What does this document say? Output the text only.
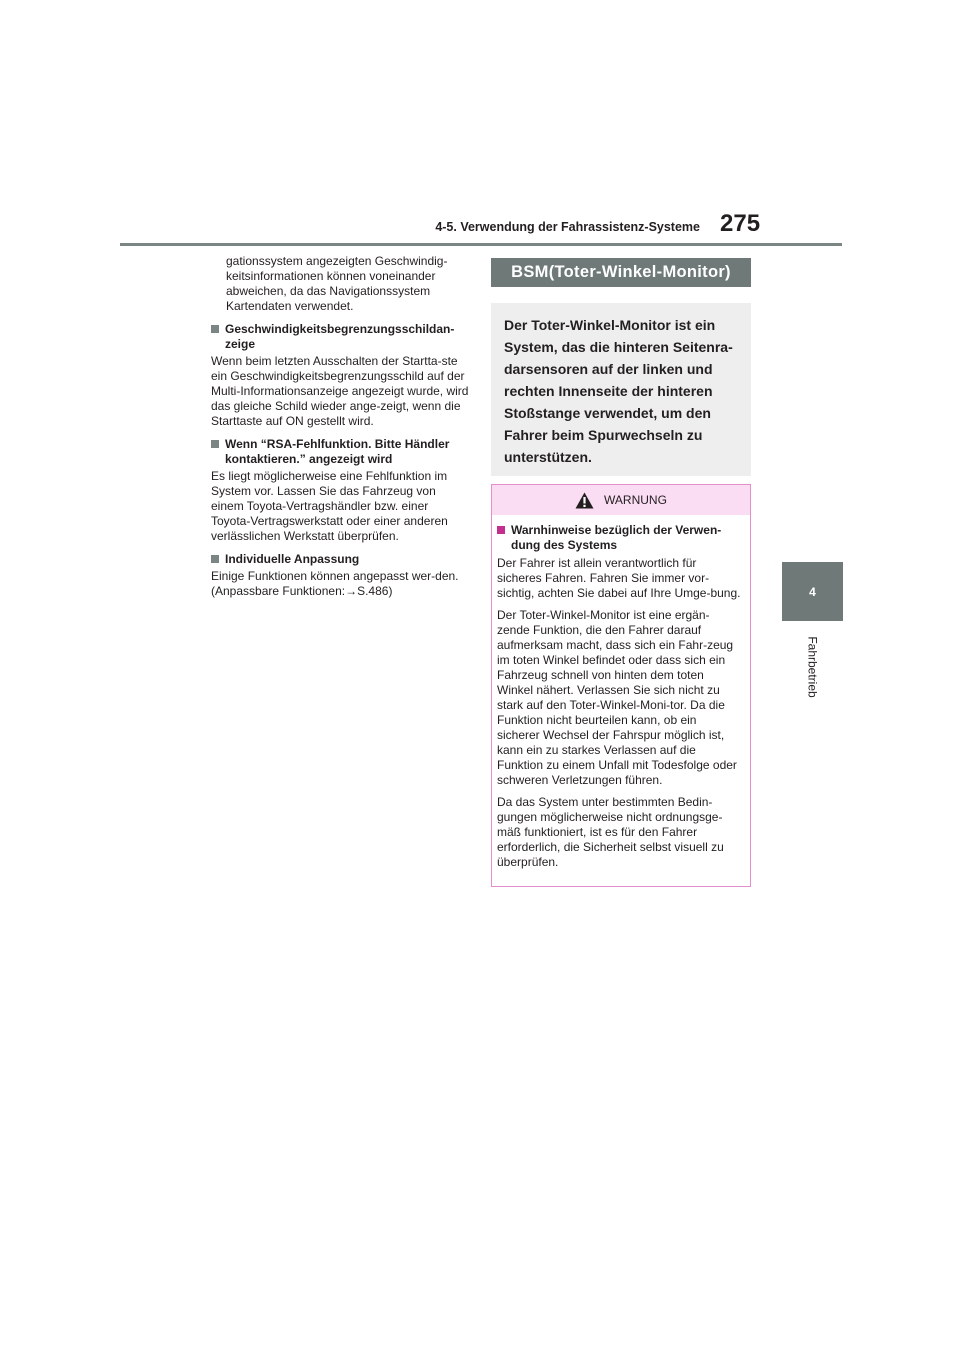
4-5. Verwendung der Fahrassistenz-Systeme 275
4
Fahrbetrieb

gationssystem angezeigten Geschwindig-keitsinformationen können voneinander abweichen, da das Navigationssystem Kartendaten verwendet.

Geschwindigkeitsbegrenzungsschildan-zeige

Wenn beim letzten Ausschalten der Startta-ste ein Geschwindigkeitsbegrenzungsschild auf der Multi-Informationsanzeige angezeigt wurde, wird das gleiche Schild wieder ange-zeigt, wenn die Starttaste auf ON gestellt wird.

Wenn “RSA-Fehlfunktion. Bitte Händler kontaktieren.” angezeigt wird

Es liegt möglicherweise eine Fehlfunktion im System vor. Lassen Sie das Fahrzeug von einem Toyota-Vertragshändler bzw. einer Toyota-Vertragswerkstatt oder einer anderen verlässlichen Werkstatt überprüfen.

Individuelle Anpassung

Einige Funktionen können angepasst wer-den. (Anpassbare Funktionen:→S.486)

BSM(Toter-Winkel-Monitor)
Der Toter-Winkel-Monitor ist ein System, das die hinteren Seitenra-darsensoren auf der linken und rechten Innenseite der hinteren Stoßstange verwendet, um den Fahrer beim Spurwechseln zu unterstützen.
WARNUNG
Warnhinweise bezüglich der Verwen-dung des Systems

Der Fahrer ist allein verantwortlich für sicheres Fahren. Fahren Sie immer vor-sichtig, achten Sie dabei auf Ihre Umge-bung.

Der Toter-Winkel-Monitor ist eine ergän-zende Funktion, die den Fahrer darauf aufmerksam macht, dass sich ein Fahr-zeug im toten Winkel befindet oder dass sich ein Fahrzeug schnell von hinten dem toten Winkel nähert. Verlassen Sie sich nicht zu stark auf den Toter-Winkel-Moni-tor. Da die Funktion nicht beurteilen kann, ob ein sicherer Wechsel der Fahrspur möglich ist, kann ein zu starkes Verlassen auf die Funktion zu einem Unfall mit Todesfolge oder schweren Verletzungen führen.

Da das System unter bestimmten Bedin-gungen möglicherweise nicht ordnungsge-mäß funktioniert, ist es für den Fahrer erforderlich, die Sicherheit selbst visuell zu überprüfen.
